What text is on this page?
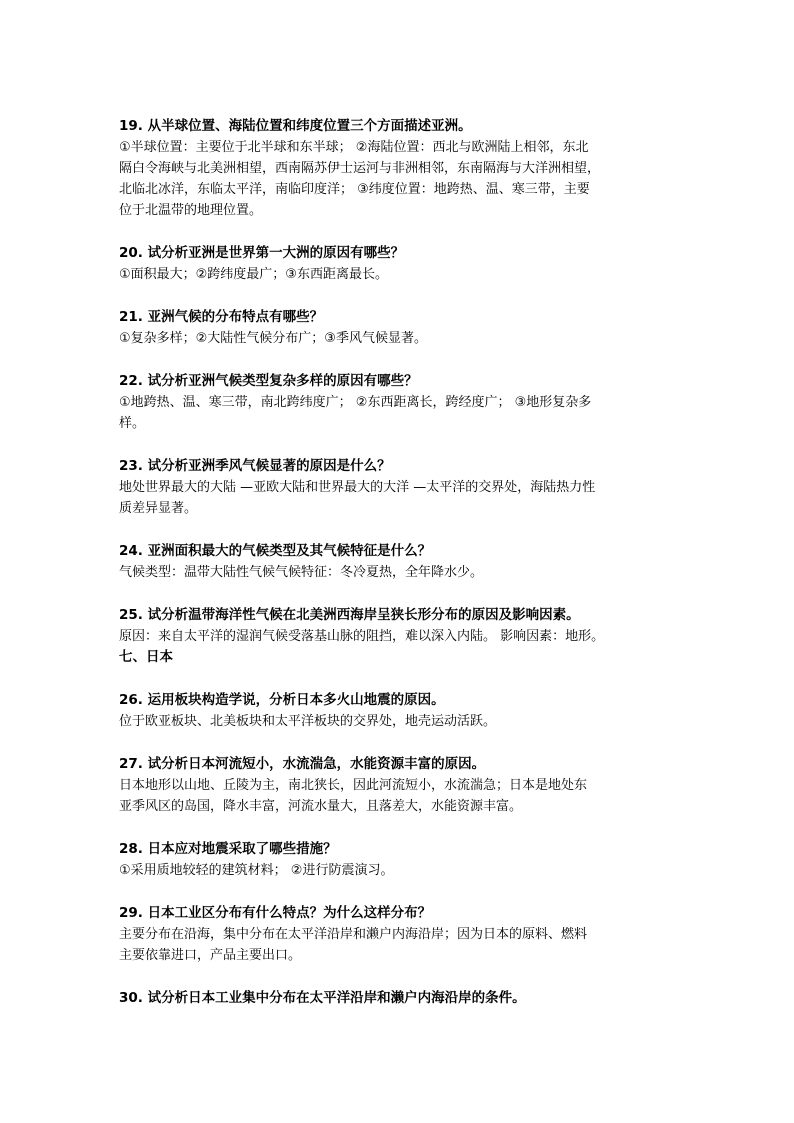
19. 从半球位置、海陆位置和纬度位置三个方面描述亚洲。
①半球位置：主要位于北半球和东半球； ②海陆位置：西北与欧洲陆上相邻，东北
隔白令海峡与北美洲相望，西南隔苏伊士运河与非洲相邻，东南隔海与大洋洲相望，
北临北冰洋，东临太平洋，南临印度洋； ③纬度位置：地跨热、温、寒三带，主要
位于北温带的地理位置。
20. 试分析亚洲是世界第一大洲的原因有哪些？
①面积最大；②跨纬度最广；③东西距离最长。
21. 亚洲气候的分布特点有哪些？
①复杂多样；②大陆性气候分布广；③季风气候显著。
22. 试分析亚洲气候类型复杂多样的原因有哪些？
①地跨热、温、寒三带，南北跨纬度广； ②东西距离长，跨经度广； ③地形复杂多
样。
23. 试分析亚洲季风气候显著的原因是什么？
地处世界最大的大陆 —亚欧大陆和世界最大的大洋 —太平洋的交界处，海陆热力性
质差异显著。
24. 亚洲面积最大的气候类型及其气候特征是什么？
气候类型：温带大陆性气候气候特征：冬冷夏热，全年降水少。
25. 试分析温带海洋性气候在北美洲西海岸呈狭长形分布的原因及影响因素。
原因：来自太平洋的湿润气候受落基山脉的阻挡，难以深入内陆。 影响因素：地形。
七、日本
26. 运用板块构造学说，分析日本多火山地震的原因。
位于欧亚板块、北美板块和太平洋板块的交界处，地壳运动活跃。
27. 试分析日本河流短小，水流湍急，水能资源丰富的原因。
日本地形以山地、丘陵为主，南北狭长，因此河流短小，水流湍急；日本是地处东
亚季风区的岛国，降水丰富，河流水量大，且落差大，水能资源丰富。
28. 日本应对地震采取了哪些措施？
①采用质地较轻的建筑材料； ②进行防震演习。
29. 日本工业区分布有什么特点？为什么这样分布？
主要分布在沿海，集中分布在太平洋沿岸和濑户内海沿岸；因为日本的原料、燃料
主要依靠进口，产品主要出口。
30. 试分析日本工业集中分布在太平洋沿岸和濑户内海沿岸的条件。
